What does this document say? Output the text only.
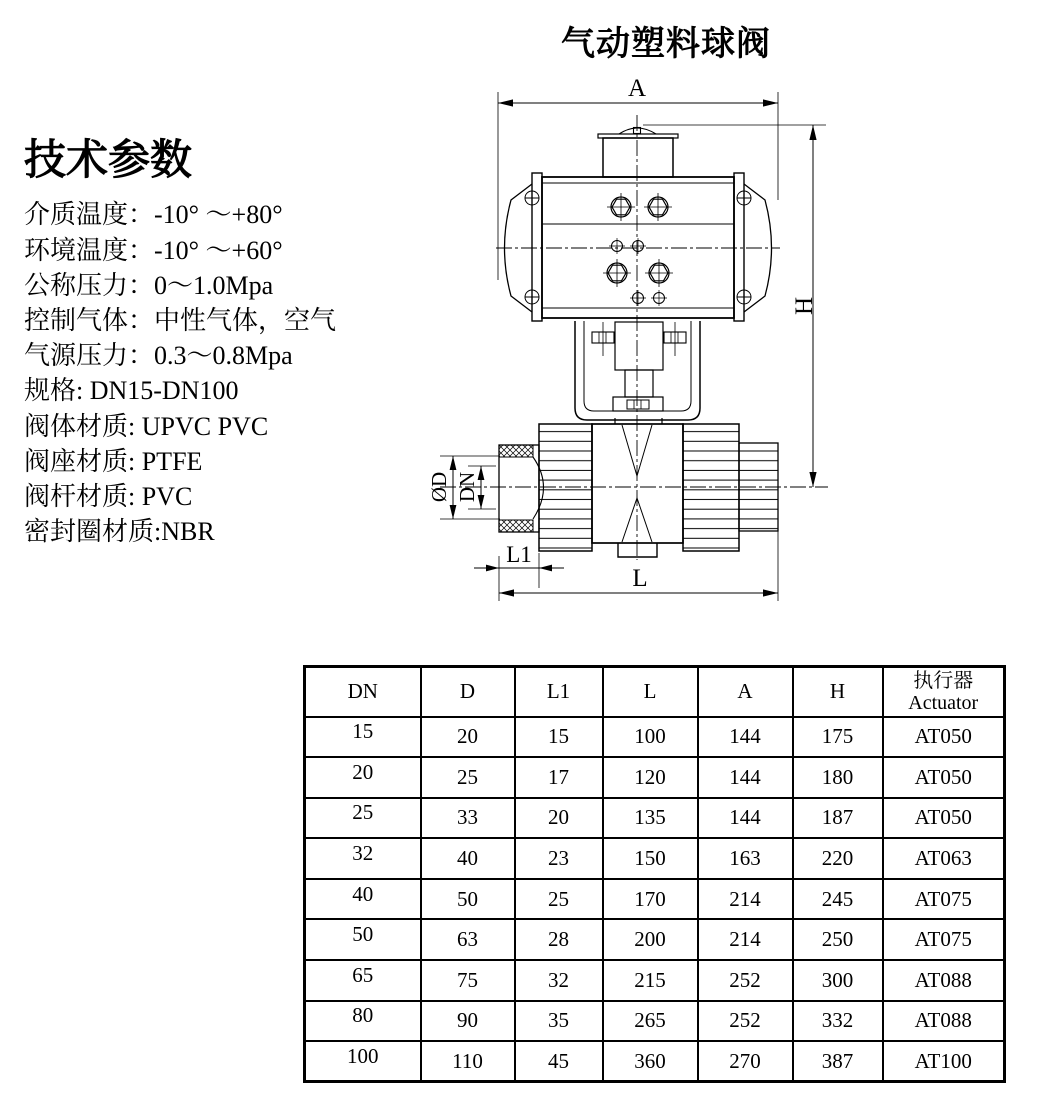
气动塑料球阀
技术参数
介质温度：-10° ～+80°
环境温度：-10° ～+60°
公称压力：0～1.0Mpa
控制气体：中性气体，空气
气源压力：0.3～0.8Mpa
规格: DN15-DN100
阀体材质: UPVC PVC
阀座材质: PTFE
阀杆材质: PVC
密封圈材质:NBR
A
H
L
L1
ØD DN
DN	D	L1	L	A	H	执行器
Actuator

15	20	15	100	144	175	AT050
20	25	17	120	144	180	AT050
25	33	20	135	144	187	AT050
32	40	23	150	163	220	AT063
40	50	25	170	214	245	AT075
50	63	28	200	214	250	AT075
65	75	32	215	252	300	AT088
80	90	35	265	252	332	AT088
100	110	45	360	270	387	AT100
